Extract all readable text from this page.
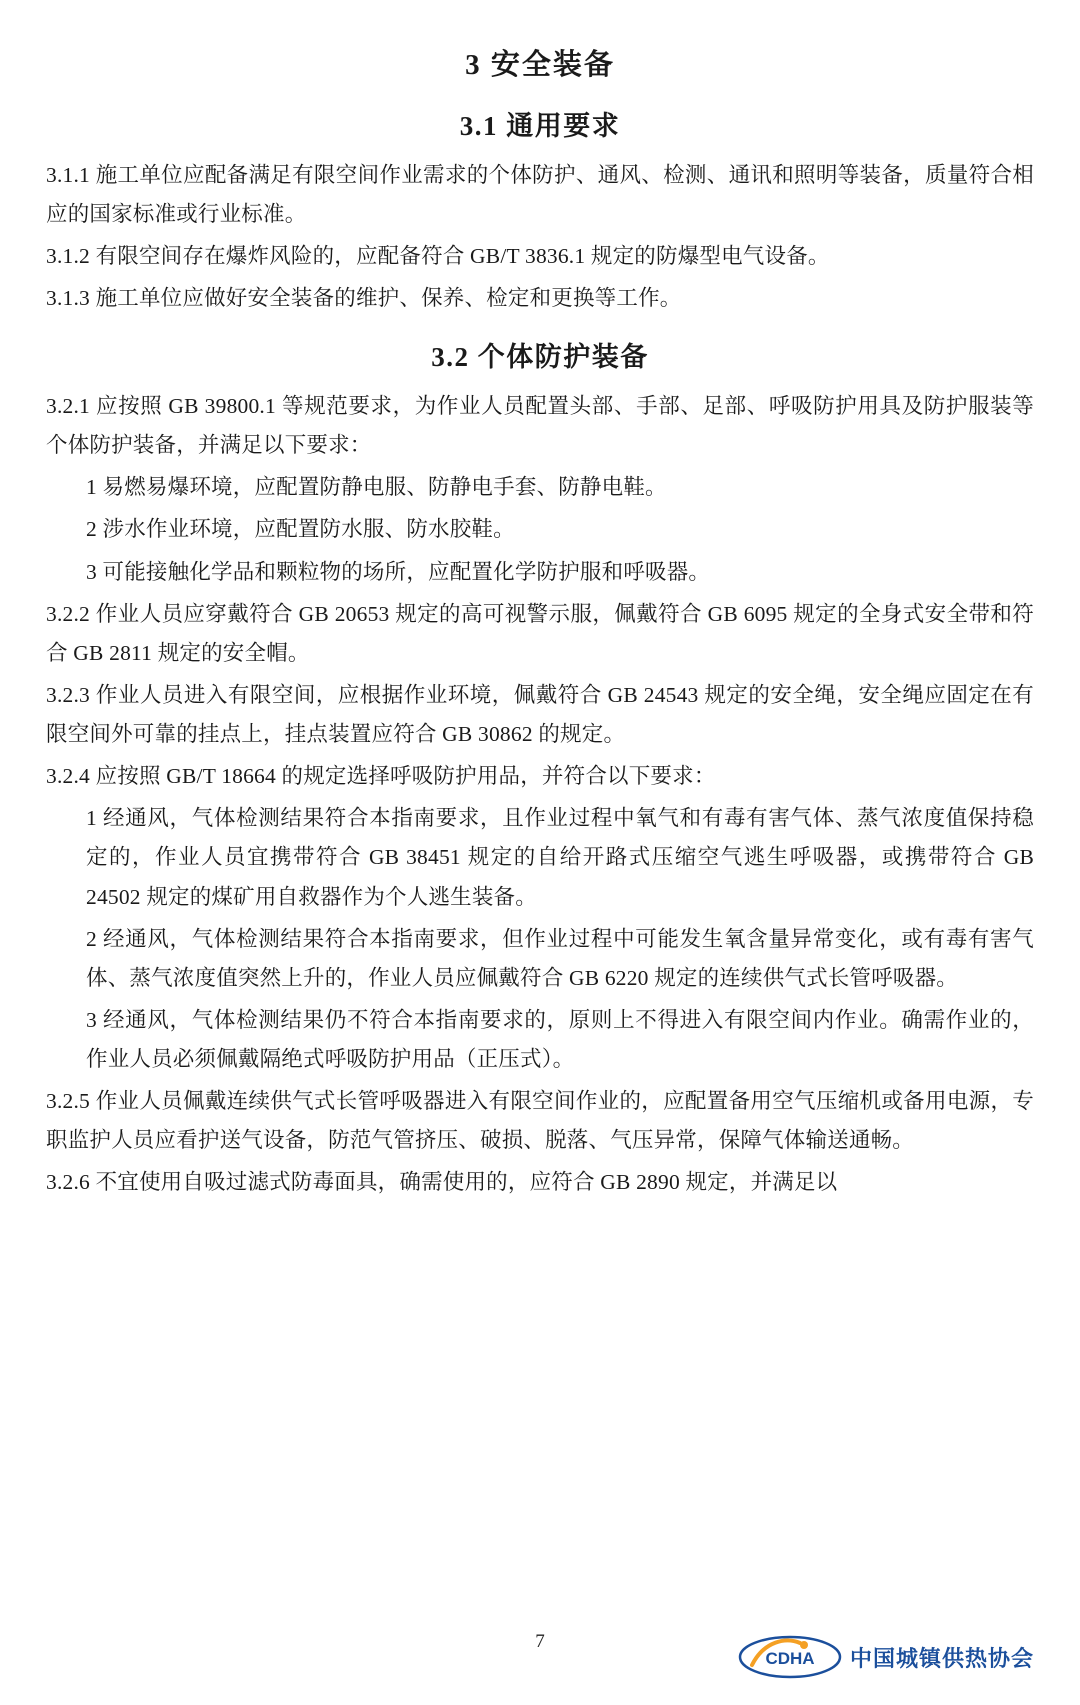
3 安全装备
3.1 通用要求

3.1.1 施工单位应配备满足有限空间作业需求的个体防护、通风、检测、通讯和照明等装备，质量符合相应的国家标准或行业标准。

3.1.2 有限空间存在爆炸风险的，应配备符合 GB/T 3836.1 规定的防爆型电气设备。

3.1.3 施工单位应做好安全装备的维护、保养、检定和更换等工作。

3.2 个体防护装备

3.2.1 应按照 GB 39800.1 等规范要求，为作业人员配置头部、手部、足部、呼吸防护用具及防护服装等个体防护装备，并满足以下要求：

1 易燃易爆环境，应配置防静电服、防静电手套、防静电鞋。

2 涉水作业环境，应配置防水服、防水胶鞋。

3 可能接触化学品和颗粒物的场所，应配置化学防护服和呼吸器。

3.2.2 作业人员应穿戴符合 GB 20653 规定的高可视警示服，佩戴符合 GB 6095 规定的全身式安全带和符合 GB 2811 规定的安全帽。

3.2.3 作业人员进入有限空间，应根据作业环境，佩戴符合 GB 24543 规定的安全绳，安全绳应固定在有限空间外可靠的挂点上，挂点装置应符合 GB 30862 的规定。

3.2.4 应按照 GB/T 18664 的规定选择呼吸防护用品，并符合以下要求：

1 经通风，气体检测结果符合本指南要求，且作业过程中氧气和有毒有害气体、蒸气浓度值保持稳定的，作业人员宜携带符合 GB 38451 规定的自给开路式压缩空气逃生呼吸器，或携带符合 GB 24502 规定的煤矿用自救器作为个人逃生装备。

2 经通风，气体检测结果符合本指南要求，但作业过程中可能发生氧含量异常变化，或有毒有害气体、蒸气浓度值突然上升的，作业人员应佩戴符合 GB 6220 规定的连续供气式长管呼吸器。

3 经通风，气体检测结果仍不符合本指南要求的，原则上不得进入有限空间内作业。确需作业的，作业人员必须佩戴隔绝式呼吸防护用品（正压式）。

3.2.5 作业人员佩戴连续供气式长管呼吸器进入有限空间作业的，应配置备用空气压缩机或备用电源，专职监护人员应看护送气设备，防范气管挤压、破损、脱落、气压异常，保障气体输送通畅。

3.2.6 不宜使用自吸过滤式防毒面具，确需使用的，应符合 GB 2890 规定，并满足以

7
CDHA 中国城镇供热协会
